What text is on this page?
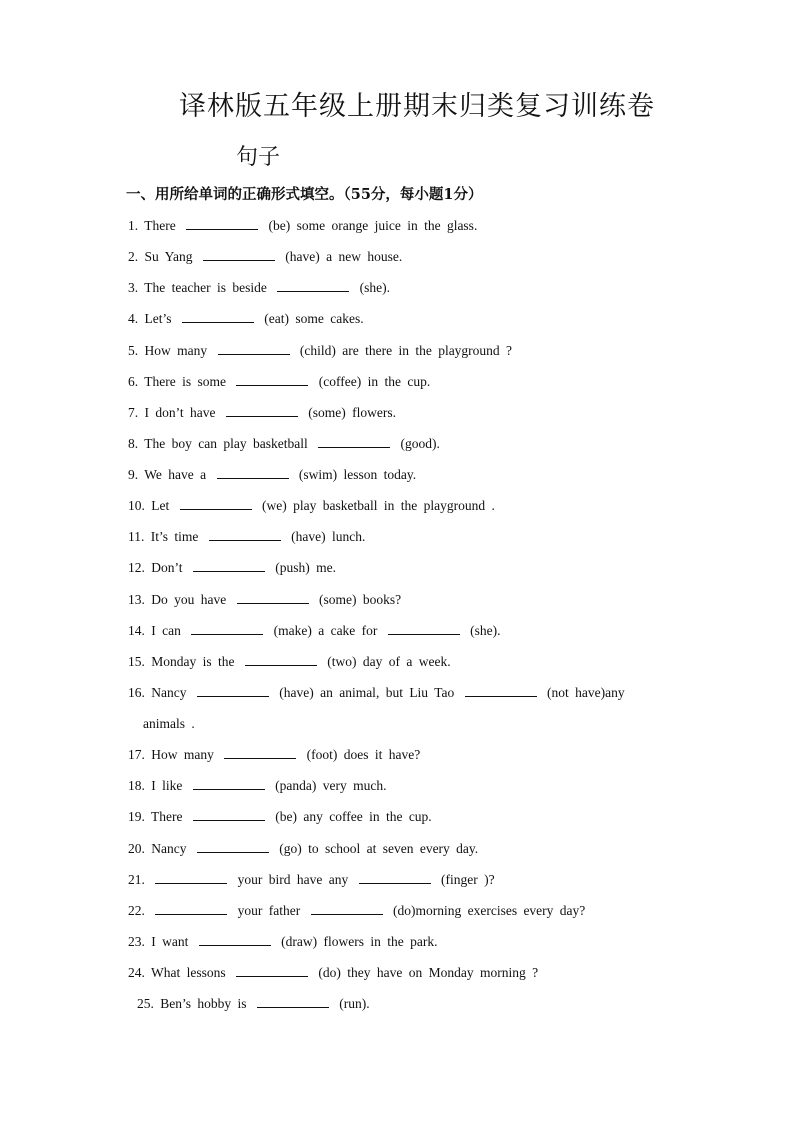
译林版五年级上册期末归类复习训练卷
句子
一、用所给单词的正确形式填空。（55分，每小题1分）
1. There	(be) some orange juice in the glass.
2. Su Yang	(have) a new house.
3. The teacher is beside	(she).
4. Let’s	(eat) some cakes.
5. How many	(child) are there in the playground ?
6. There is some	(coffee) in the cup.
7. I don’t have	(some) flowers.
8. The boy can play basketball	(good).
9. We have a	(swim) lesson today.
10. Let	(we) play basketball in the playground .
11. It’s time	(have) lunch.
12. Don’t	(push) me.
13. Do you have	(some) books?
14. I can	(make) a cake for	(she).
15. Monday is the	(two) day of a week.
16. Nancy	(have) an animal, but Liu Tao	(not have)any
animals .
17. How many	(foot) does it have?
18. I like	(panda) very much.
19. There	(be) any coffee in the cup.
20. Nancy	(go) to school at seven every day.
21.	your bird have any	(finger )?
22.	your father	(do)morning exercises every day?
23. I want	(draw) flowers in the park.
24. What lessons	(do) they have on Monday morning ?
25. Ben’s hobby is	(run).
